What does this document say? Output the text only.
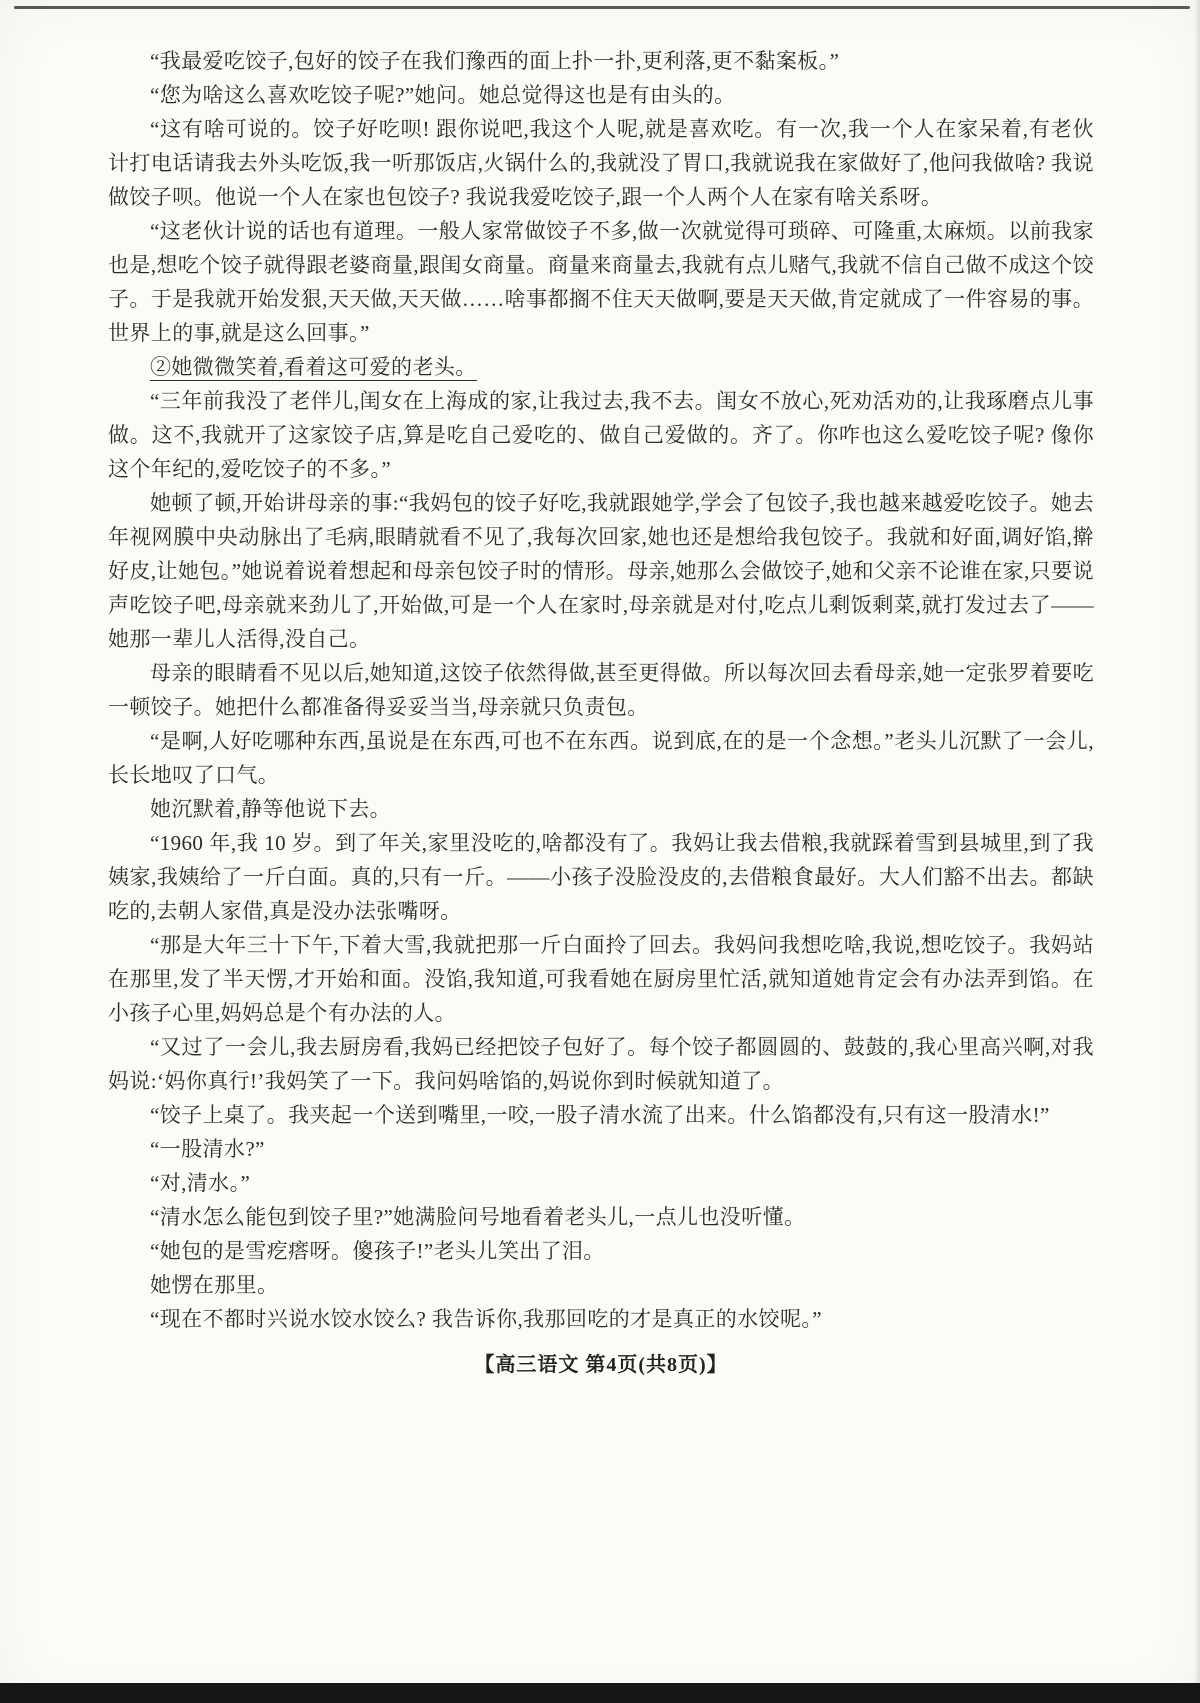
“我最爱吃饺子,包好的饺子在我们豫西的面上扑一扑,更利落,更不黏案板。”

“您为啥这么喜欢吃饺子呢?”她问。她总觉得这也是有由头的。

“这有啥可说的。饺子好吃呗! 跟你说吧,我这个人呢,就是喜欢吃。有一次,我一个人在家呆着,有老伙计打电话请我去外头吃饭,我一听那饭店,火锅什么的,我就没了胃口,我就说我在家做好了,他问我做啥? 我说做饺子呗。他说一个人在家也包饺子? 我说我爱吃饺子,跟一个人两个人在家有啥关系呀。

“这老伙计说的话也有道理。一般人家常做饺子不多,做一次就觉得可琐碎、可隆重,太麻烦。以前我家也是,想吃个饺子就得跟老婆商量,跟闺女商量。商量来商量去,我就有点儿赌气,我就不信自己做不成这个饺子。于是我就开始发狠,天天做,天天做……啥事都搁不住天天做啊,要是天天做,肯定就成了一件容易的事。世界上的事,就是这么回事。”

②她微微笑着,看着这可爱的老头。

“三年前我没了老伴儿,闺女在上海成的家,让我过去,我不去。闺女不放心,死劝活劝的,让我琢磨点儿事做。这不,我就开了这家饺子店,算是吃自己爱吃的、做自己爱做的。齐了。你咋也这么爱吃饺子呢? 像你这个年纪的,爱吃饺子的不多。”

她顿了顿,开始讲母亲的事:“我妈包的饺子好吃,我就跟她学,学会了包饺子,我也越来越爱吃饺子。她去年视网膜中央动脉出了毛病,眼睛就看不见了,我每次回家,她也还是想给我包饺子。我就和好面,调好馅,擀好皮,让她包。”她说着说着想起和母亲包饺子时的情形。母亲,她那么会做饺子,她和父亲不论谁在家,只要说声吃饺子吧,母亲就来劲儿了,开始做,可是一个人在家时,母亲就是对付,吃点儿剩饭剩菜,就打发过去了——她那一辈儿人活得,没自己。

母亲的眼睛看不见以后,她知道,这饺子依然得做,甚至更得做。所以每次回去看母亲,她一定张罗着要吃一顿饺子。她把什么都准备得妥妥当当,母亲就只负责包。

“是啊,人好吃哪种东西,虽说是在东西,可也不在东西。说到底,在的是一个念想。”老头儿沉默了一会儿,长长地叹了口气。

她沉默着,静等他说下去。

“1960 年,我 10 岁。到了年关,家里没吃的,啥都没有了。我妈让我去借粮,我就踩着雪到县城里,到了我姨家,我姨给了一斤白面。真的,只有一斤。——小孩子没脸没皮的,去借粮食最好。大人们豁不出去。都缺吃的,去朝人家借,真是没办法张嘴呀。

“那是大年三十下午,下着大雪,我就把那一斤白面拎了回去。我妈问我想吃啥,我说,想吃饺子。我妈站在那里,发了半天愣,才开始和面。没馅,我知道,可我看她在厨房里忙活,就知道她肯定会有办法弄到馅。在小孩子心里,妈妈总是个有办法的人。

“又过了一会儿,我去厨房看,我妈已经把饺子包好了。每个饺子都圆圆的、鼓鼓的,我心里高兴啊,对我妈说:‘妈你真行!’我妈笑了一下。我问妈啥馅的,妈说你到时候就知道了。

“饺子上桌了。我夹起一个送到嘴里,一咬,一股子清水流了出来。什么馅都没有,只有这一股清水!”

“一股清水?”

“对,清水。”

“清水怎么能包到饺子里?”她满脸问号地看着老头儿,一点儿也没听懂。

“她包的是雪疙瘩呀。傻孩子!”老头儿笑出了泪。

她愣在那里。

“现在不都时兴说水饺水饺么? 我告诉你,我那回吃的才是真正的水饺呢。”

【高三语文 第4页(共8页)】
